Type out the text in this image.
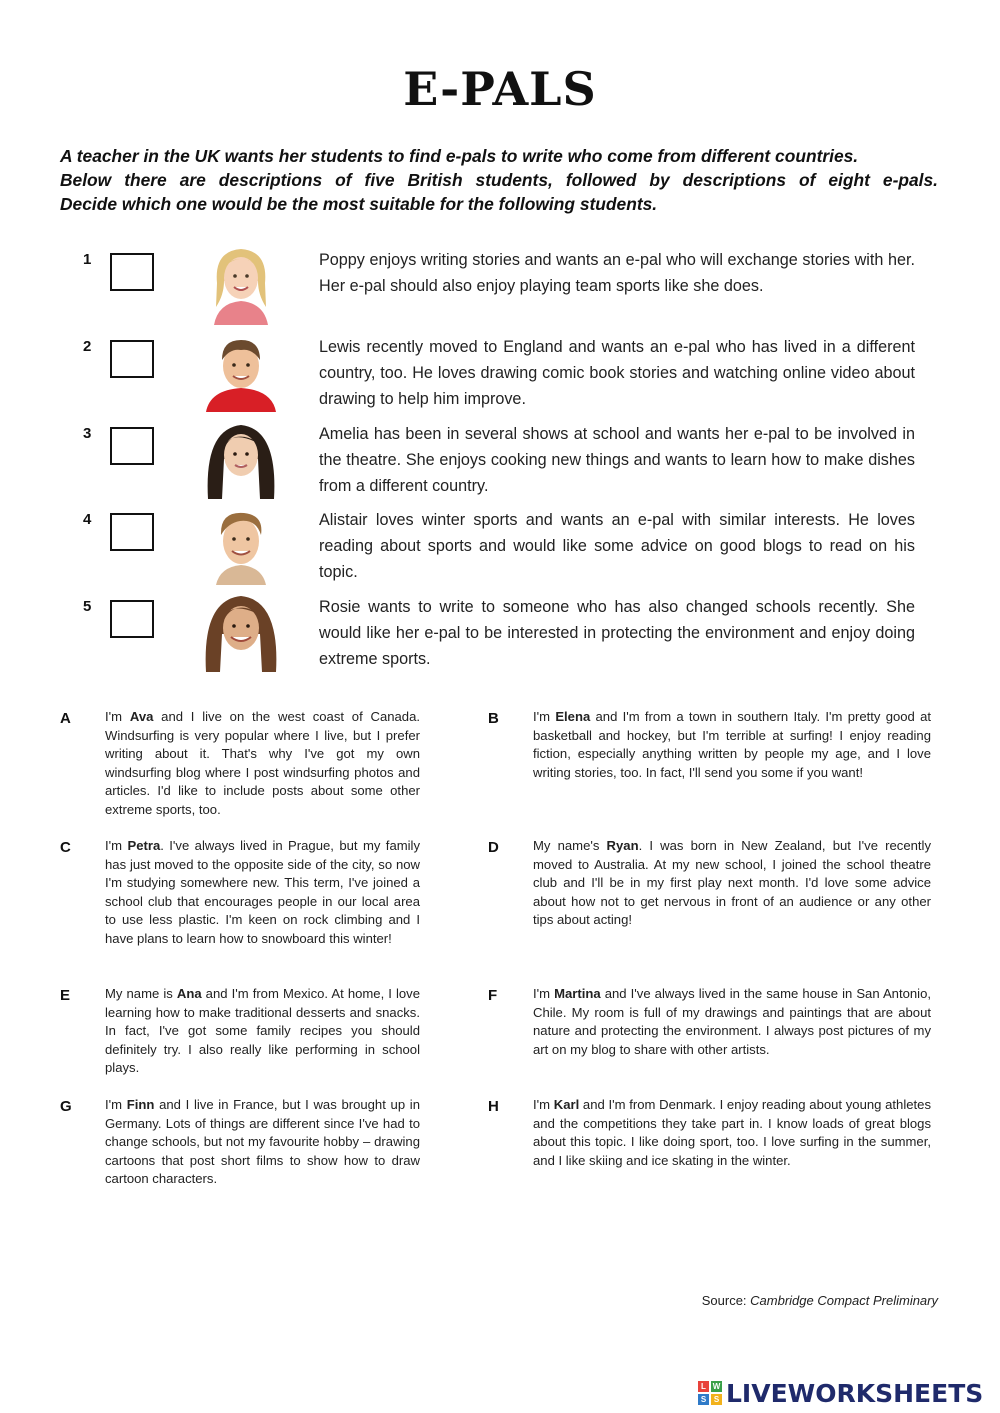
E-PALS

A teacher in the UK wants her students to find e-pals to write who come from different countries.

Below there are descriptions of five British students, followed by descriptions of eight e-pals.

Decide which one would be the most suitable for the following students.

1	Poppy enjoys writing stories and wants an e-pal who will exchange stories with her. Her e-pal should also enjoy playing team sports like she does.

2	Lewis recently moved to England and wants an e-pal who has lived in a different country, too. He loves drawing comic book stories and watching online video about drawing to help him improve.

3	Amelia has been in several shows at school and wants her e-pal to be involved in the theatre. She enjoys cooking new things and wants to learn how to make dishes from a different country.

4	Alistair loves winter sports and wants an e-pal with similar interests. He loves reading about sports and would like some advice on good blogs to read on his topic.

5	Rosie wants to write to someone who has also changed schools recently. She would like her e-pal to be interested in protecting the environment and enjoy doing extreme sports.

A	I'm Ava and I live on the west coast of Canada. Windsurfing is very popular where I live, but I prefer writing about it. That's why I've got my own windsurfing blog where I post windsurfing photos and articles. I'd like to include posts about some other extreme sports, too.

B	I'm Elena and I'm from a town in southern Italy. I'm pretty good at basketball and hockey, but I'm terrible at surfing! I enjoy reading fiction, especially anything written by people my age, and I love writing stories, too. In fact, I'll send you some if you want!

C	I'm Petra. I've always lived in Prague, but my family has just moved to the opposite side of the city, so now I'm studying somewhere new. This term, I've joined a school club that encourages people in our local area to use less plastic. I'm keen on rock climbing and I have plans to learn how to snowboard this winter!

D	My name's Ryan. I was born in New Zealand, but I've recently moved to Australia. At my new school, I joined the school theatre club and I'll be in my first play next month. I'd love some advice about how not to get nervous in front of an audience or any other tips about acting!

E	My name is Ana and I'm from Mexico. At home, I love learning how to make traditional desserts and snacks. In fact, I've got some family recipes you should definitely try. I also really like performing in school plays.

F	I'm Martina and I've always lived in the same house in San Antonio, Chile. My room is full of my drawings and paintings that are about nature and protecting the environment. I always post pictures of my art on my blog to share with other artists.

G	I'm Finn and I live in France, but I was brought up in Germany. Lots of things are different since I've had to change schools, but not my favourite hobby – drawing cartoons that post short films to show how to draw cartoon characters.

H	I'm Karl and I'm from Denmark. I enjoy reading about young athletes and the competitions they take part in. I know loads of great blogs about this topic. I like doing sport, too. I love surfing in the summer, and I like skiing and ice skating in the winter.

Source: Cambridge Compact Preliminary
L W
S S LIVEWORKSHEETS
